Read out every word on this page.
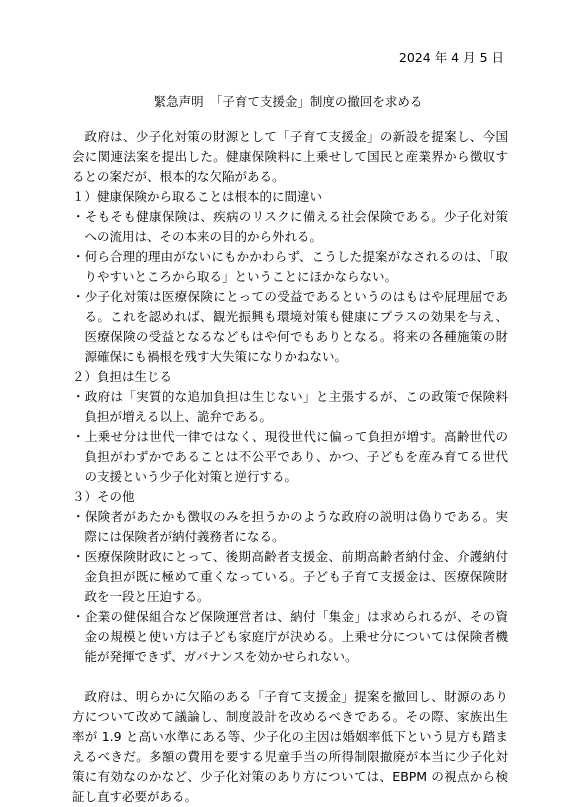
2024 年 4 月 5 日
緊急声明　「子育て支援金」制度の撤回を求める

政府は、少子化対策の財源として「子育て支援金」の新設を提案し、今国会に関連法案を提出した。健康保険料に上乗せして国民と産業界から徴収するとの案だが、根本的な欠陥がある。

１）健康保険から取ることは根本的に間違い
・そもそも健康保険は、疾病のリスクに備える社会保険である。少子化対策への流用は、その本来の目的から外れる。
・何ら合理的理由がないにもかかわらず、こうした提案がなされるのは、「取りやすいところから取る」ということにほかならない。
・少子化対策は医療保険にとっての受益であるというのはもはや屁理屈である。これを認めれば、観光振興も環境対策も健康にプラスの効果を与え、医療保険の受益となるなどもはや何でもありとなる。将来の各種施策の財源確保にも禍根を残す大失策になりかねない。
２）負担は生じる
・政府は「実質的な追加負担は生じない」と主張するが、この政策で保険料負担が増える以上、詭弁である。
・上乗せ分は世代一律ではなく、現役世代に偏って負担が増す。高齢世代の負担がわずかであることは不公平であり、かつ、子どもを産み育てる世代の支援という少子化対策と逆行する。
３）その他
・保険者があたかも徴収のみを担うかのような政府の説明は偽りである。実際には保険者が納付義務者になる。
・医療保険財政にとって、後期高齢者支援金、前期高齢者納付金、介護納付金負担が既に極めて重くなっている。子ども子育て支援金は、医療保険財政を一段と圧迫する。
・企業の健保組合など保険運営者は、納付「集金」は求められるが、その資金の規模と使い方は子ども家庭庁が決める。上乗せ分については保険者機能が発揮できず、ガバナンスを効かせられない。

政府は、明らかに欠陥のある「子育て支援金」提案を撤回し、財源のあり方について改めて議論し、制度設計を改めるべきである。その際、家族出生率が 1.9 と高い水準にある等、少子化の主因は婚姻率低下という見方も踏まえるべきだ。多額の費用を要する児童手当の所得制限撤廃が本当に少子化対策に有効なのかなど、少子化対策のあり方については、EBPM の視点から検証し直す必要がある。
